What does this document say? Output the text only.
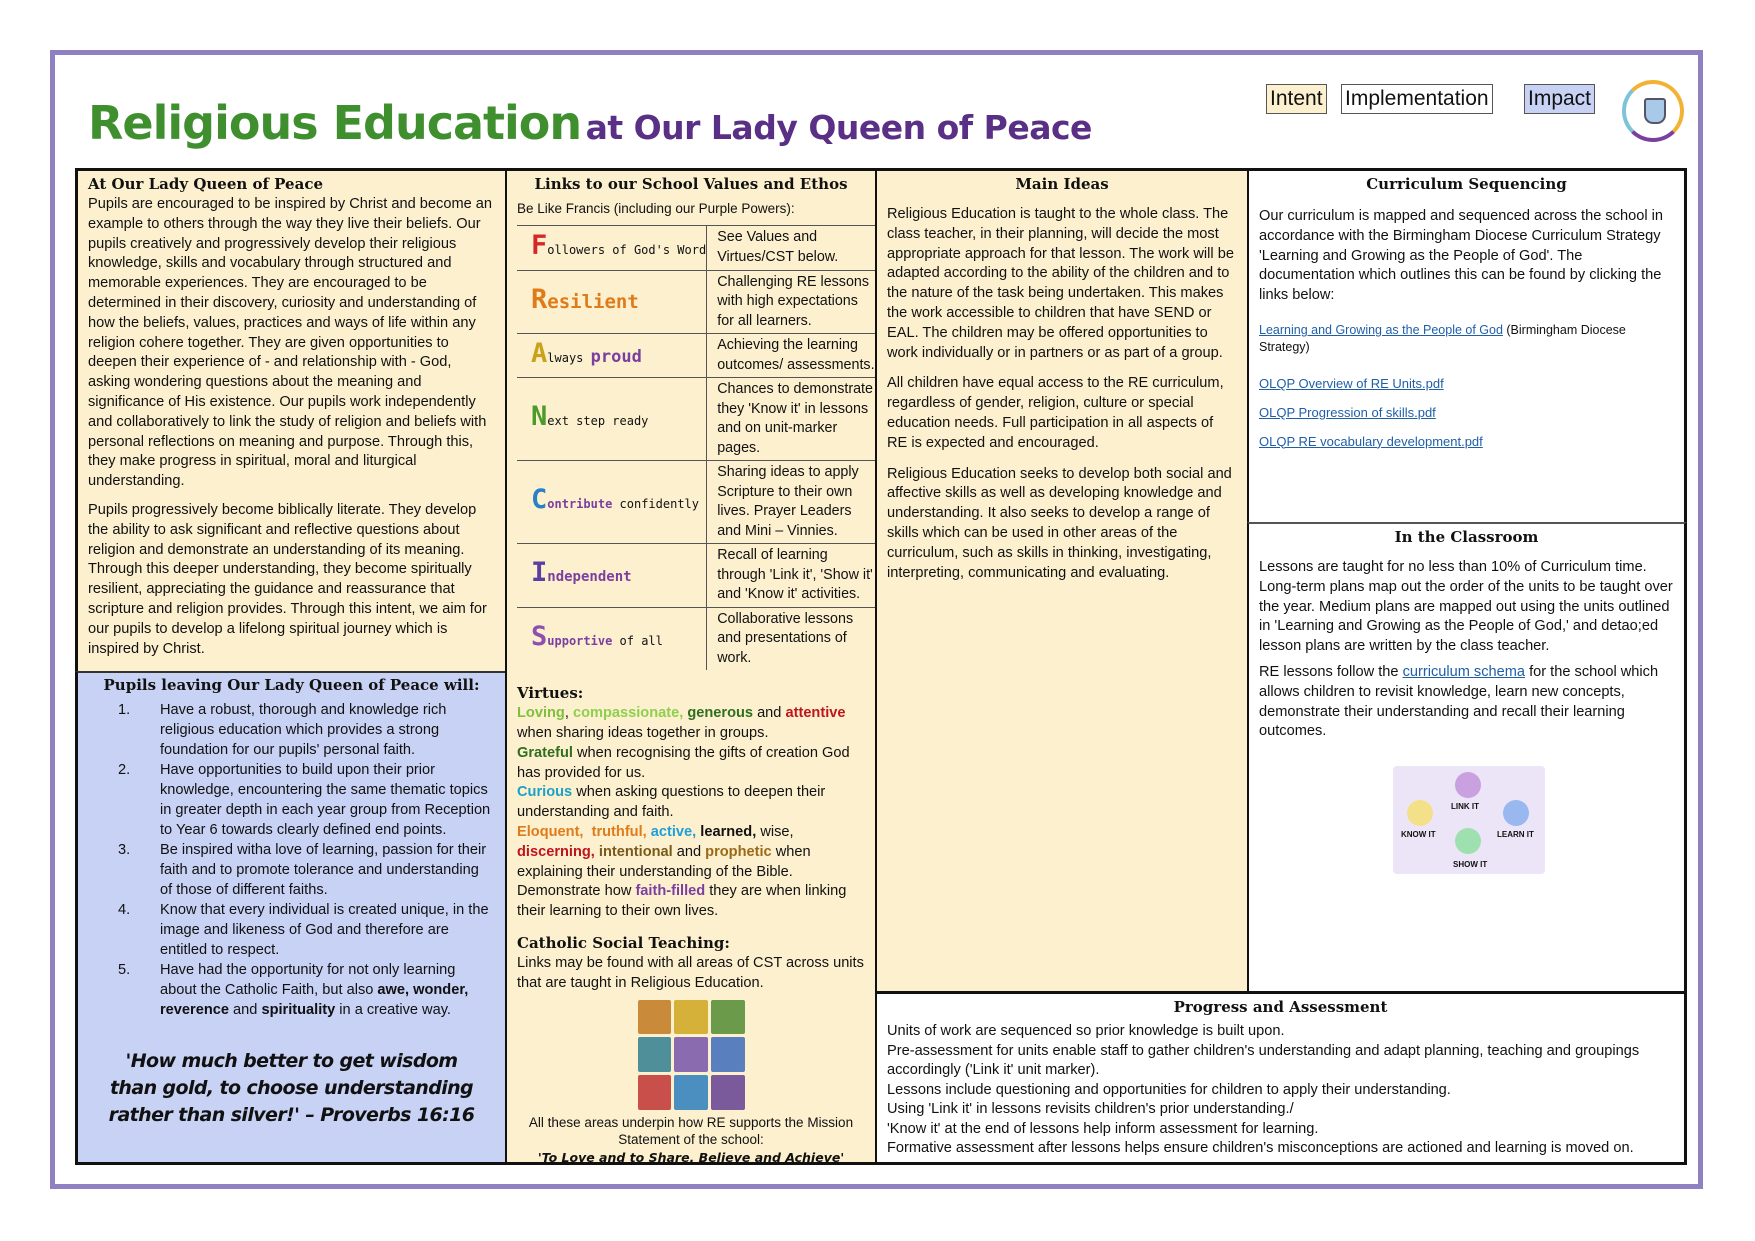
Religious Education at Our Lady Queen of Peace
Intent Implementation Impact
At Our Lady Queen of Peace

Pupils are encouraged to be inspired by Christ and become an example to others through the way they live their beliefs. Our pupils creatively and progressively develop their religious knowledge, skills and vocabulary through structured and memorable experiences. They are encouraged to be determined in their discovery, curiosity and understanding of how the beliefs, values, practices and ways of life within any religion cohere together. They are given opportunities to deepen their experience of - and relationship with - God, asking wondering questions about the meaning and significance of His existence. Our pupils work independently and collaboratively to link the study of religion and beliefs with personal reflections on meaning and purpose. Through this, they make progress in spiritual, moral and liturgical understanding.

Pupils progressively become biblically literate. They develop the ability to ask significant and reflective questions about religion and demonstrate an understanding of its meaning. Through this deeper understanding, they become spiritually resilient, appreciating the guidance and reassurance that scripture and religion provides. Through this intent, we aim for our pupils to develop a lifelong spiritual journey which is inspired by Christ.

Pupils leaving Our Lady Queen of Peace will:
1.	Have a robust, thorough and knowledge rich religious education which provides a strong foundation for our pupils' personal faith.
2.	Have opportunities to build upon their prior knowledge, encountering the same thematic topics in greater depth in each year group from Reception to Year 6 towards clearly defined end points.
3.	Be inspired witha love of learning, passion for their faith and to promote tolerance and understanding of those of different faiths.
4.	Know that every individual is created unique, in the image and likeness of God and therefore are entitled to respect.
5.	Have had the opportunity for not only learning about the Catholic Faith, but also awe, wonder, reverence and spirituality in a creative way.
'How much better to get wisdom than gold, to choose understanding rather than silver!' – Proverbs 16:16
Links to our School Values and Ethos

Be Like Francis (including our Purple Powers):

Followers of God's Word	See Values and Virtues/CST below.
Resilient	Challenging RE lessons with high expectations for all learners.
Always proud	Achieving the learning outcomes/ assessments.
Next step ready	Chances to demonstrate they 'Know it' in lessons and on unit-marker pages.
Contribute confidently	Sharing ideas to apply Scripture to their own lives. Prayer Leaders and Mini – Vinnies.
Independent	Recall of learning through 'Link it', 'Show it' and 'Know it' activities.
Supportive of all	Collaborative lessons and presentations of work.
Virtues:
Loving, compassionate, generous and attentive when sharing ideas together in groups.
Grateful when recognising the gifts of creation God has provided for us.
Curious when asking questions to deepen their understanding and faith.
Eloquent, truthful, active, learned, wise,
discerning, intentional and prophetic when explaining their understanding of the Bible.
Demonstrate how faith-filled they are when linking their learning to their own lives.
Catholic Social Teaching:

Links may be found with all areas of CST across units that are taught in Religious Education.

All these areas underpin how RE supports the Mission Statement of the school:

'To Love and to Share, Believe and Achieve'

Main Ideas

Religious Education is taught to the whole class. The class teacher, in their planning, will decide the most appropriate approach for that lesson. The work will be adapted according to the ability of the children and to the nature of the task being undertaken. This makes the work accessible to children that have SEND or EAL. The children may be offered opportunities to work individually or in partners or as part of a group.

All children have equal access to the RE curriculum, regardless of gender, religion, culture or special education needs. Full participation in all aspects of RE is expected and encouraged.

Religious Education seeks to develop both social and affective skills as well as developing knowledge and understanding. It also seeks to develop a range of skills which can be used in other areas of the curriculum, such as skills in thinking, investigating, interpreting, communicating and evaluating.

Curriculum Sequencing

Our curriculum is mapped and sequenced across the school in accordance with the Birmingham Diocese Curriculum Strategy 'Learning and Growing as the People of God'. The documentation which outlines this can be found by clicking the links below:

Learning and Growing as the People of God (Birmingham Diocese Strategy)

OLQP Overview of RE Units.pdf

OLQP Progression of skills.pdf

OLQP RE vocabulary development.pdf

In the Classroom

Lessons are taught for no less than 10% of Curriculum time. Long-term plans map out the order of the units to be taught over the year. Medium plans are mapped out using the units outlined in 'Learning and Growing as the People of God,' and detao;ed lesson plans are written by the class teacher.

RE lessons follow the curriculum schema for the school which allows children to revisit knowledge, learn new concepts, demonstrate their understanding and recall their learning outcomes.

LINK IT
LEARN IT
SHOW IT
KNOW IT
Progress and Assessment

Units of work are sequenced so prior knowledge is built upon.

Pre-assessment for units enable staff to gather children's understanding and adapt planning, teaching and groupings accordingly ('Link it' unit marker).

Lessons include questioning and opportunities for children to apply their understanding.

Using 'Link it' in lessons revisits children's prior understanding./

'Know it' at the end of lessons help inform assessment for learning.

Formative assessment after lessons helps ensure children's misconceptions are actioned and learning is moved on.
